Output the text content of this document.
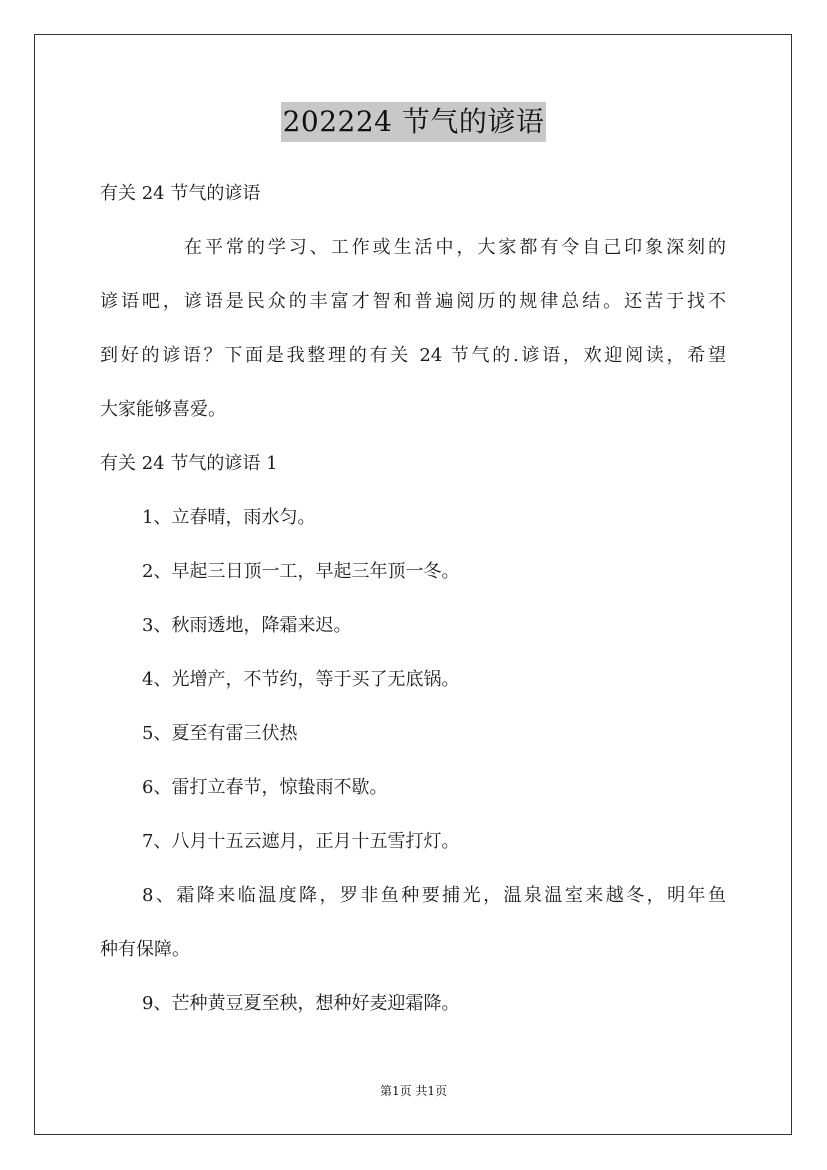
202224 节气的谚语
有关 24 节气的谚语
在平常的学习、工作或生活中，大家都有令自己印象深刻的
谚语吧，谚语是民众的丰富才智和普遍阅历的规律总结。还苦于找不
到好的谚语？下面是我整理的有关 24 节气的.谚语，欢迎阅读，希望
大家能够喜爱。
有关 24 节气的谚语 1
1、立春晴，雨水匀。
2、早起三日顶一工，早起三年顶一冬。
3、秋雨透地，降霜来迟。
4、光增产，不节约，等于买了无底锅。
5、夏至有雷三伏热
6、雷打立春节，惊蛰雨不歇。
7、八月十五云遮月，正月十五雪打灯。
8、霜降来临温度降，罗非鱼种要捕光，温泉温室来越冬，明年鱼
种有保障。
9、芒种黄豆夏至秧，想种好麦迎霜降。
第1页 共1页
